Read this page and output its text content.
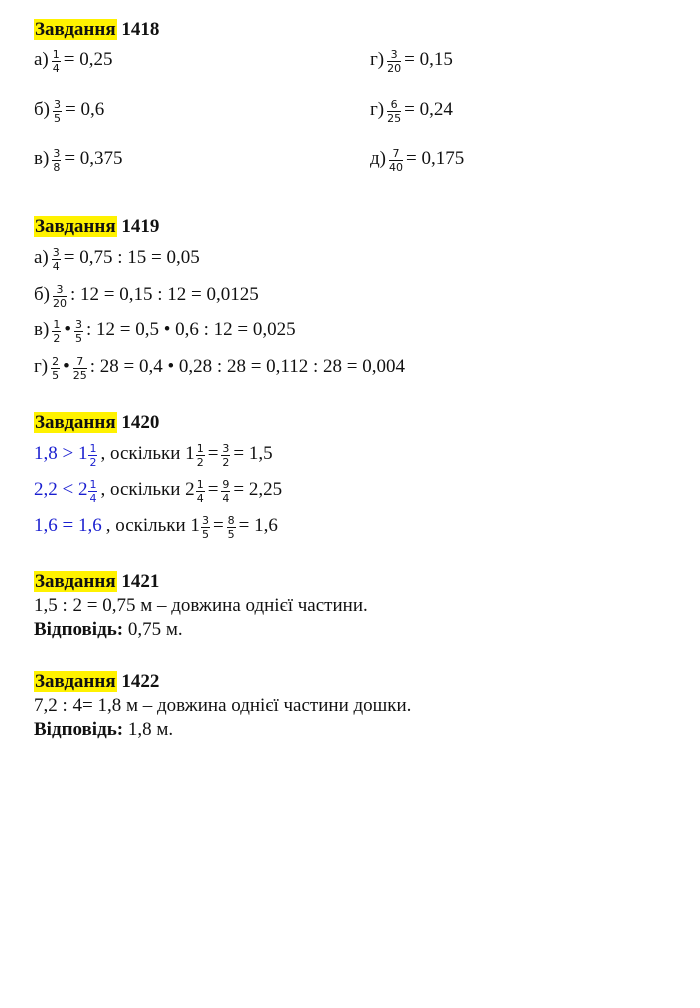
Завдання 1418
$а) \frac{1}{4} = 0,25$
$б) \frac{3}{5} = 0,6$
$в) \frac{3}{8} = 0,375$
$г) \frac{3}{20} = 0,15$
$г) \frac{6}{25} = 0,24$
$д) \frac{7}{40} = 0,175$
Завдання 1419
$а) \frac{3}{4} = 0,75$ : 15 = 0,05
$б) \frac{3}{20}$ : 12 = 0,15 : 12 = 0,0125
$в) \frac{1}{2}$ • $\frac{3}{5}$ : 12 = 0,5 • 0,6 : 12 = 0,025
$г) \frac{2}{5}$ • $\frac{7}{25}$ : 28 = 0,4 • 0,28 : 28 = 0,112 : 28 = 0,004
Завдання 1420
$1,8 > 1 \frac{1}{2}$ , оскільки $1 \frac{1}{2} = \frac{3}{2} = 1,5$
$2,2 < 2 \frac{1}{4}$ , оскільки $2 \frac{1}{4} = \frac{9}{4} = 2,25$
1,6 = 1,6 , оскільки $1 \frac{3}{5} = \frac{8}{5} = 1,6$
Завдання 1421
1,5 : 2 = 0,75 м – довжина однієї частини.
Відповідь: 0,75 м.
Завдання 1422
7,2 : 4= 1,8 м – довжина однієї частини дошки.
Відповідь: 1,8 м.
